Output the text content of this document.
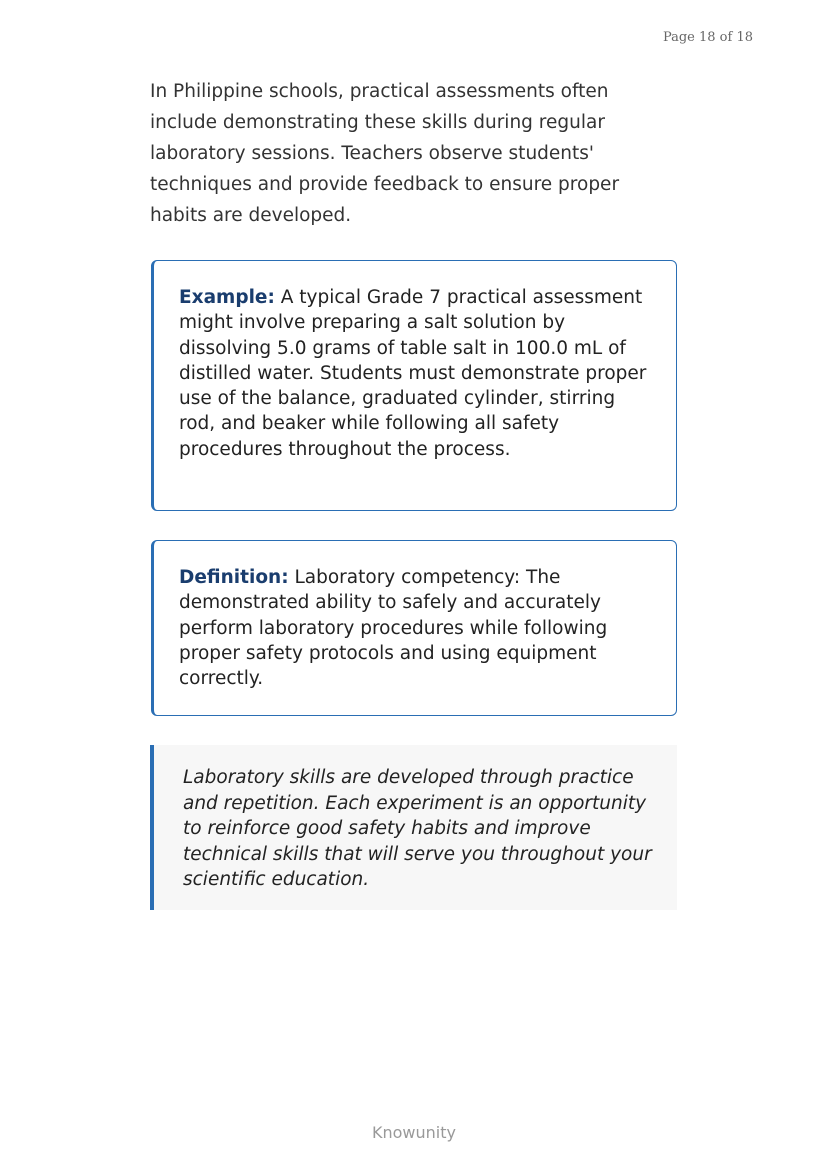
Page 18 of 18

In Philippine schools, practical assessments often include demonstrating these skills during regular laboratory sessions. Teachers observe students' techniques and provide feedback to ensure proper habits are developed.

Example: A typical Grade 7 practical assessment might involve preparing a salt solution by dissolving 5.0 grams of table salt in 100.0 mL of distilled water. Students must demonstrate proper use of the balance, graduated cylinder, stirring rod, and beaker while following all safety procedures throughout the process.
Definition: Laboratory competency: The demonstrated ability to safely and accurately perform laboratory procedures while following proper safety protocols and using equipment correctly.
Laboratory skills are developed through practice and repetition. Each experiment is an opportunity to reinforce good safety habits and improve technical skills that will serve you throughout your scientific education.
Knowunity
